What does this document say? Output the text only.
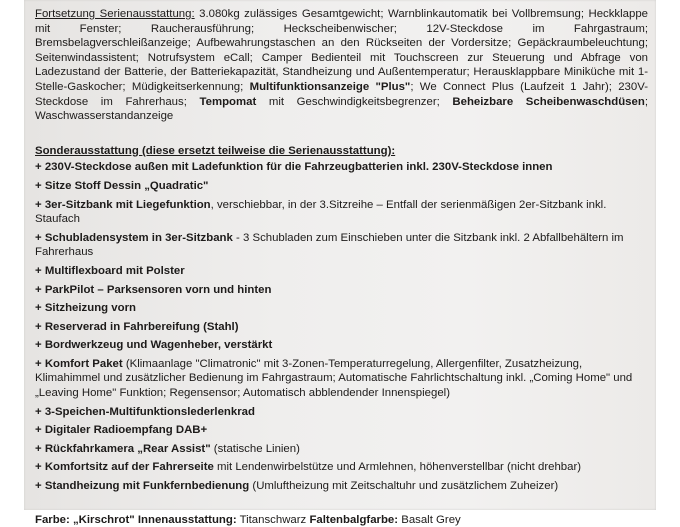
Fortsetzung Serienausstattung: 3.080kg zulässiges Gesamtgewicht; Warnblinkautomatik bei Vollbremsung; Heckklappe mit Fenster; Raucherausführung; Heckscheibenwischer; 12V-Steckdose im Fahrgastraum; Bremsbelagverschleißanzeige; Aufbewahrungstaschen an den Rückseiten der Vordersitze; Gepäckraumbeleuchtung; Seitenwindassistent; Notrufsystem eCall; Camper Bedienteil mit Touchscreen zur Steuerung und Abfrage von Ladezustand der Batterie, der Batteriekapazität, Standheizung und Außentemperatur; Herausklappbare Miniküche mit 1-Stelle-Gaskocher; Müdigkeitserkennung; Multifunktionsanzeige "Plus"; We Connect Plus (Laufzeit 1 Jahr); 230V-Steckdose im Fahrerhaus; Tempomat mit Geschwindigkeitsbegrenzer; Beheizbare Scheibenwaschdüsen; Waschwasserstandanzeige

Sonderausstattung (diese ersetzt teilweise die Serienausstattung):
+ 230V-Steckdose außen mit Ladefunktion für die Fahrzeugbatterien inkl. 230V-Steckdose innen
+ Sitze Stoff Dessin „Quadratic"
+ 3er-Sitzbank mit Liegefunktion, verschiebbar, in der 3.Sitzreihe – Entfall der serienmäßigen 2er-Sitzbank inkl. Staufach
+ Schubladensystem in 3er-Sitzbank - 3 Schubladen zum Einschieben unter die Sitzbank inkl. 2 Abfallbehältern im Fahrerhaus
+ Multiflexboard mit Polster
+ ParkPilot – Parksensoren vorn und hinten
+ Sitzheizung vorn
+ Reserverad in Fahrbereifung (Stahl)
+ Bordwerkzeug und Wagenheber, verstärkt
+ Komfort Paket (Klimaanlage "Climatronic" mit 3-Zonen-Temperaturregelung, Allergenfilter, Zusatzheizung, Klimahimmel und zusätzlicher Bedienung im Fahrgastraum; Automatische Fahrlichtschaltung inkl. „Coming Home" und „Leaving Home" Funktion; Regensensor; Automatisch abblendender Innenspiegel)
+ 3-Speichen-Multifunktionslederlenkrad
+ Digitaler Radioempfang DAB+
+ Rückfahrkamera „Rear Assist" (statische Linien)
+ Komfortsitz auf der Fahrerseite mit Lendenwirbelstütze und Armlehnen, höhenverstellbar (nicht drehbar)
+ Standheizung mit Funkfernbedienung (Umluftheizung mit Zeitschaltuhr und zusätzlichem Zuheizer)
Farbe: „Kirschrot" Innenausstattung: Titanschwarz Faltenbalgfarbe: Basalt Grey
